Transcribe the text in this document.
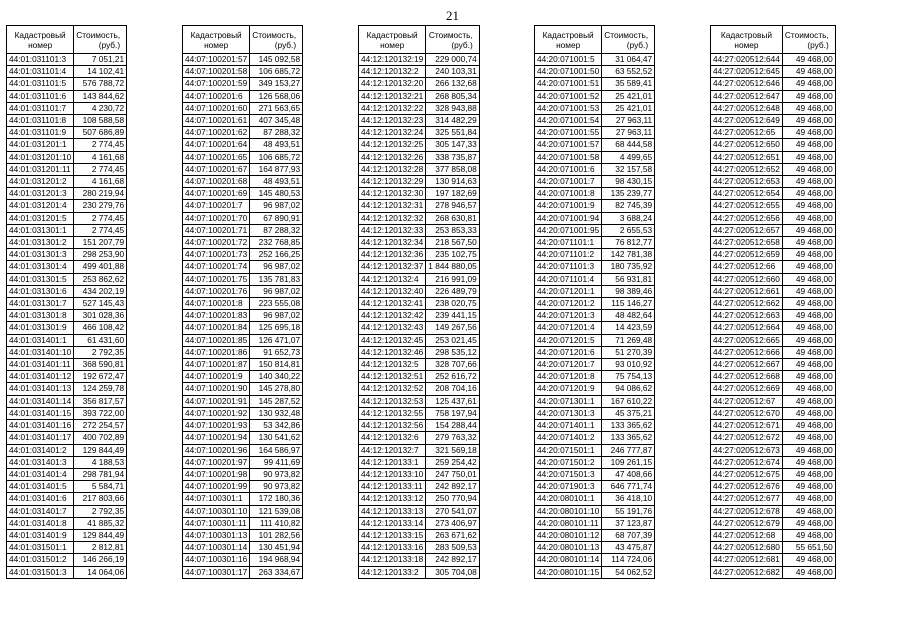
21
Кадастровый
номер	Стоимость,
(руб.)

44:01:031101:3	7 051,21
44:01:031101:4	14 102,41
44:01:031101:5	576 788,72
44:01:031101:6	143 844,62
44:01:031101:7	4 230,72
44:01:031101:8	108 588,58
44:01:031101:9	507 686,89
44:01:031201:1	2 774,45
44:01:031201:10	4 161,68
44:01:031201:11	2 774,45
44:01:031201:2	4 161,68
44:01:031201:3	280 219,94
44:01:031201:4	230 279,76
44:01:031201:5	2 774,45
44:01:031301:1	2 774,45
44:01:031301:2	151 207,79
44:01:031301:3	298 253,90
44:01:031301:4	499 401,88
44:01:031301:5	253 862,62
44:01:031301:6	434 202,19
44:01:031301:7	527 145,43
44:01:031301:8	301 028,36
44:01:031301:9	466 108,42
44:01:031401:1	61 431,60
44:01:031401:10	2 792,35
44:01:031401:11	368 590,81
44:01:031401:12	192 672,47
44:01:031401:13	124 259,78
44:01:031401:14	356 817,57
44:01:031401:15	393 722,00
44:01:031401:16	272 254,57
44:01:031401:17	400 702,89
44:01:031401:2	129 844,49
44:01:031401:3	4 188,53
44:01:031401:4	298 781,94
44:01:031401:5	5 584,71
44:01:031401:6	217 803,66
44:01:031401:7	2 792,35
44:01:031401:8	41 885,32
44:01:031401:9	129 844,49
44:01:031501:1	2 812,81
44:01:031501:2	146 266,19
44:01:031501:3	14 064,06
Кадастровый
номер	Стоимость,
(руб.)

44:07:100201:57	145 092,58
44:07:100201:58	106 685,72
44:07:100201:59	349 153,27
44:07:100201:6	126 568,06
44:07:100201:60	271 563,65
44:07:100201:61	407 345,48
44:07:100201:62	87 288,32
44:07:100201:64	48 493,51
44:07:100201:65	106 685,72
44:07:100201:67	164 877,93
44:07:100201:68	48 493,51
44:07:100201:69	145 480,53
44:07:100201:7	96 987,02
44:07:100201:70	67 890,91
44:07:100201:71	87 288,32
44:07:100201:72	232 768,85
44:07:100201:73	252 166,25
44:07:100201:74	96 987,02
44:07:100201:75	135 781,83
44:07:100201:76	96 987,02
44:07:100201:8	223 555,08
44:07:100201:83	96 987,02
44:07:100201:84	125 695,18
44:07:100201:85	126 471,07
44:07:100201:86	91 652,73
44:07:100201:87	150 814,81
44:07:100201:9	140 340,22
44:07:100201:90	145 278,80
44:07:100201:91	145 287,52
44:07:100201:92	130 932,48
44:07:100201:93	53 342,86
44:07:100201:94	130 541,62
44:07:100201:96	164 586,97
44:07:100201:97	99 411,69
44:07:100201:98	90 973,82
44:07:100201:99	90 973,82
44:07:100301:1	172 180,36
44:07:100301:10	121 539,08
44:07:100301:11	111 410,82
44:07:100301:13	101 282,56
44:07:100301:14	130 451,94
44:07:100301:16	194 968,94
44:07:100301:17	263 334,67
Кадастровый
номер	Стоимость,
(руб.)

44:12:120132:19	229 000,74
44:12:120132:2	240 103,31
44:12:120132:20	266 132,68
44:12:120132:21	268 805,34
44:12:120132:22	328 943,88
44:12:120132:23	314 482,29
44:12:120132:24	325 551,84
44:12:120132:25	305 147,33
44:12:120132:26	338 735,87
44:12:120132:28	377 858,08
44:12:120132:29	130 914,63
44:12:120132:30	197 182,69
44:12:120132:31	278 946,57
44:12:120132:32	268 630,81
44:12:120132:33	253 853,33
44:12:120132:34	218 567,50
44:12:120132:36	235 102,75
44:12:120132:37	1 844 880,05
44:12:120132:4	216 991,09
44:12:120132:40	226 489,79
44:12:120132:41	238 020,75
44:12:120132:42	239 441,15
44:12:120132:43	149 267,56
44:12:120132:45	253 021,45
44:12:120132:46	298 535,12
44:12:120132:5	328 707,66
44:12:120132:51	252 616,72
44:12:120132:52	208 704,16
44:12:120132:53	125 437,61
44:12:120132:55	758 197,94
44:12:120132:56	154 288,44
44:12:120132:6	279 763,32
44:12:120132:7	321 569,18
44:12:120133:1	259 254,42
44:12:120133:10	247 750,01
44:12:120133:11	242 892,17
44:12:120133:12	250 770,94
44:12:120133:13	270 541,07
44:12:120133:14	273 406,97
44:12:120133:15	263 671,62
44:12:120133:16	283 509,53
44:12:120133:18	242 892,17
44:12:120133:2	305 704,08
Кадастровый
номер	Стоимость,
(руб.)

44:20:071001:5	31 064,47
44:20:071001:50	63 552,52
44:20:071001:51	35 589,41
44:20:071001:52	25 421,01
44:20:071001:53	25 421,01
44:20:071001:54	27 963,11
44:20:071001:55	27 963,11
44:20:071001:57	68 444,58
44:20:071001:58	4 499,65
44:20:071001:6	32 157,58
44:20:071001:7	98 430,15
44:20:071001:8	135 239,77
44:20:071001:9	82 745,39
44:20:071001:94	3 688,24
44:20:071001:95	2 655,53
44:20:071101:1	76 812,77
44:20:071101:2	142 781,38
44:20:071101:3	180 735,92
44:20:071101:4	56 931,81
44:20:071201:1	98 389,46
44:20:071201:2	115 146,27
44:20:071201:3	48 482,64
44:20:071201:4	14 423,59
44:20:071201:5	71 269,48
44:20:071201:6	51 270,39
44:20:071201:7	93 010,92
44:20:071201:8	75 754,13
44:20:071201:9	94 086,62
44:20:071301:1	167 610,22
44:20:071301:3	45 375,21
44:20:071401:1	133 365,62
44:20:071401:2	133 365,62
44:20:071501:1	246 777,87
44:20:071501:2	109 261,15
44:20:071501:3	47 408,66
44:20:071901:3	646 771,74
44:20:080101:1	36 418,10
44:20:080101:10	55 191,76
44:20:080101:11	37 123,87
44:20:080101:12	68 707,39
44:20:080101:13	43 475,87
44:20:080101:14	114 724,06
44:20:080101:15	54 062,52
Кадастровый
номер	Стоимость,
(руб.)

44:27:020512:644	49 468,00
44:27:020512:645	49 468,00
44:27:020512:646	49 468,00
44:27:020512:647	49 468,00
44:27:020512:648	49 468,00
44:27:020512:649	49 468,00
44:27:020512:65	49 468,00
44:27:020512:650	49 468,00
44:27:020512:651	49 468,00
44:27:020512:652	49 468,00
44:27:020512:653	49 468,00
44:27:020512:654	49 468,00
44:27:020512:655	49 468,00
44:27:020512:656	49 468,00
44:27:020512:657	49 468,00
44:27:020512:658	49 468,00
44:27:020512:659	49 468,00
44:27:020512:66	49 468,00
44:27:020512:660	49 468,00
44:27:020512:661	49 468,00
44:27:020512:662	49 468,00
44:27:020512:663	49 468,00
44:27:020512:664	49 468,00
44:27:020512:665	49 468,00
44:27:020512:666	49 468,00
44:27:020512:667	49 468,00
44:27:020512:668	49 468,00
44:27:020512:669	49 468,00
44:27:020512:67	49 468,00
44:27:020512:670	49 468,00
44:27:020512:671	49 468,00
44:27:020512:672	49 468,00
44:27:020512:673	49 468,00
44:27:020512:674	49 468,00
44:27:020512:675	49 468,00
44:27:020512:676	49 468,00
44:27:020512:677	49 468,00
44:27:020512:678	49 468,00
44:27:020512:679	49 468,00
44:27:020512:68	49 468,00
44:27:020512:680	55 651,50
44:27:020512:681	49 468,00
44:27:020512:682	49 468,00
